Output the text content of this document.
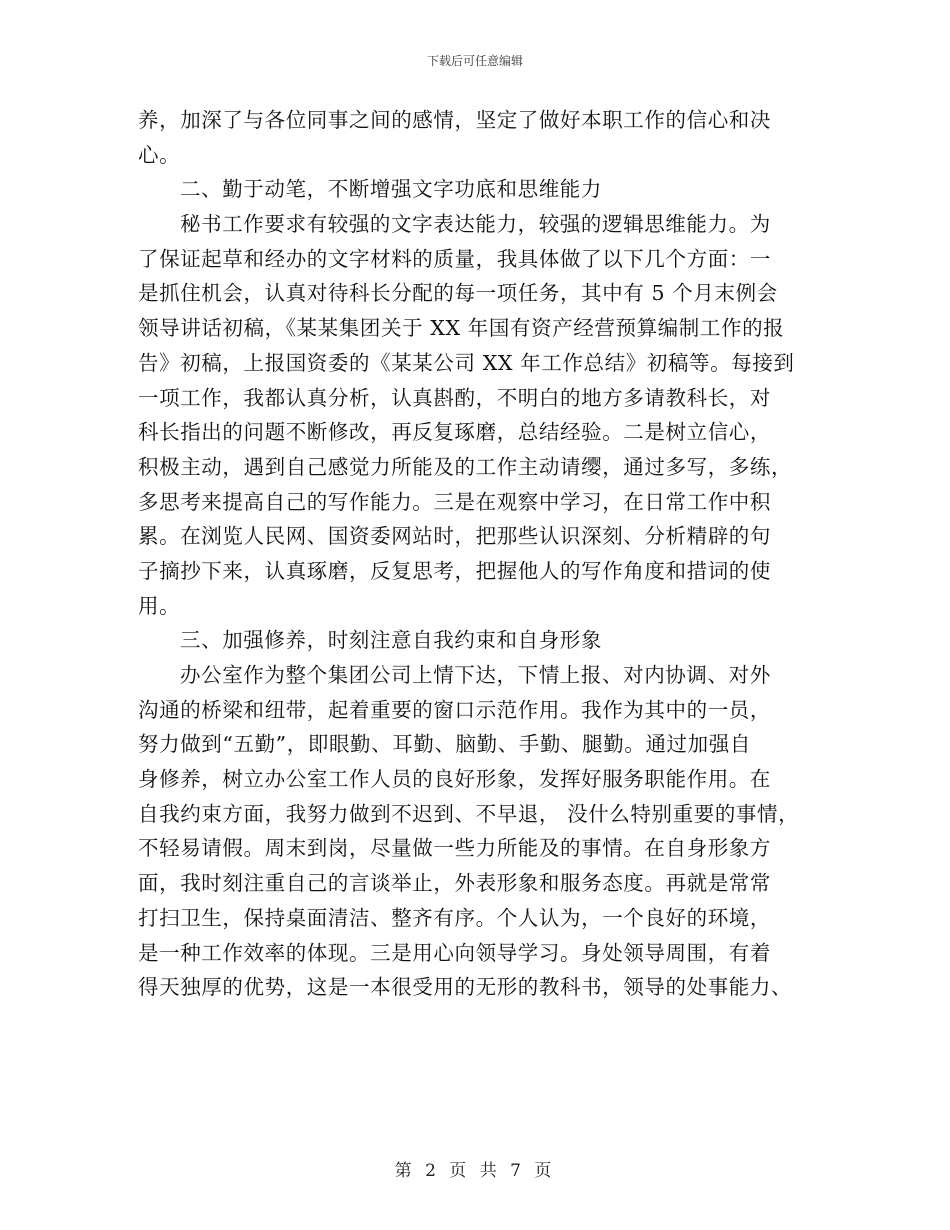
下载后可任意编辑
养，加深了与各位同事之间的感情，坚定了做好本职工作的信心和决
心。
二、勤于动笔，不断增强文字功底和思维能力
秘书工作要求有较强的文字表达能力，较强的逻辑思维能力。为
了保证起草和经办的文字材料的质量，我具体做了以下几个方面：一
是抓住机会，认真对待科长分配的每一项任务，其中有 5 个月末例会
领导讲话初稿，《某某集团关于 XX 年国有资产经营预算编制工作的报
告》初稿，上报国资委的《某某公司 XX 年工作总结》初稿等。每接到
一项工作，我都认真分析，认真斟酌，不明白的地方多请教科长，对
科长指出的问题不断修改，再反复琢磨，总结经验。二是树立信心，
积极主动，遇到自己感觉力所能及的工作主动请缨，通过多写，多练，
多思考来提高自己的写作能力。三是在观察中学习，在日常工作中积
累。在浏览人民网、国资委网站时，把那些认识深刻、分析精辟的句
子摘抄下来，认真琢磨，反复思考，把握他人的写作角度和措词的使
用。
三、加强修养，时刻注意自我约束和自身形象
办公室作为整个集团公司上情下达，下情上报、对内协调、对外
沟通的桥梁和纽带，起着重要的窗口示范作用。我作为其中的一员，
努力做到“五勤”，即眼勤、耳勤、脑勤、手勤、腿勤。通过加强自
身修养，树立办公室工作人员的良好形象，发挥好服务职能作用。在
自我约束方面，我努力做到不迟到、不早退， 没什么特别重要的事情，
不轻易请假。周末到岗，尽量做一些力所能及的事情。在自身形象方
面，我时刻注重自己的言谈举止，外表形象和服务态度。再就是常常
打扫卫生，保持桌面清洁、整齐有序。个人认为，一个良好的环境，
是一种工作效率的体现。三是用心向领导学习。身处领导周围，有着
得天独厚的优势，这是一本很受用的无形的教科书，领导的处事能力、
第 2 页 共 7 页
